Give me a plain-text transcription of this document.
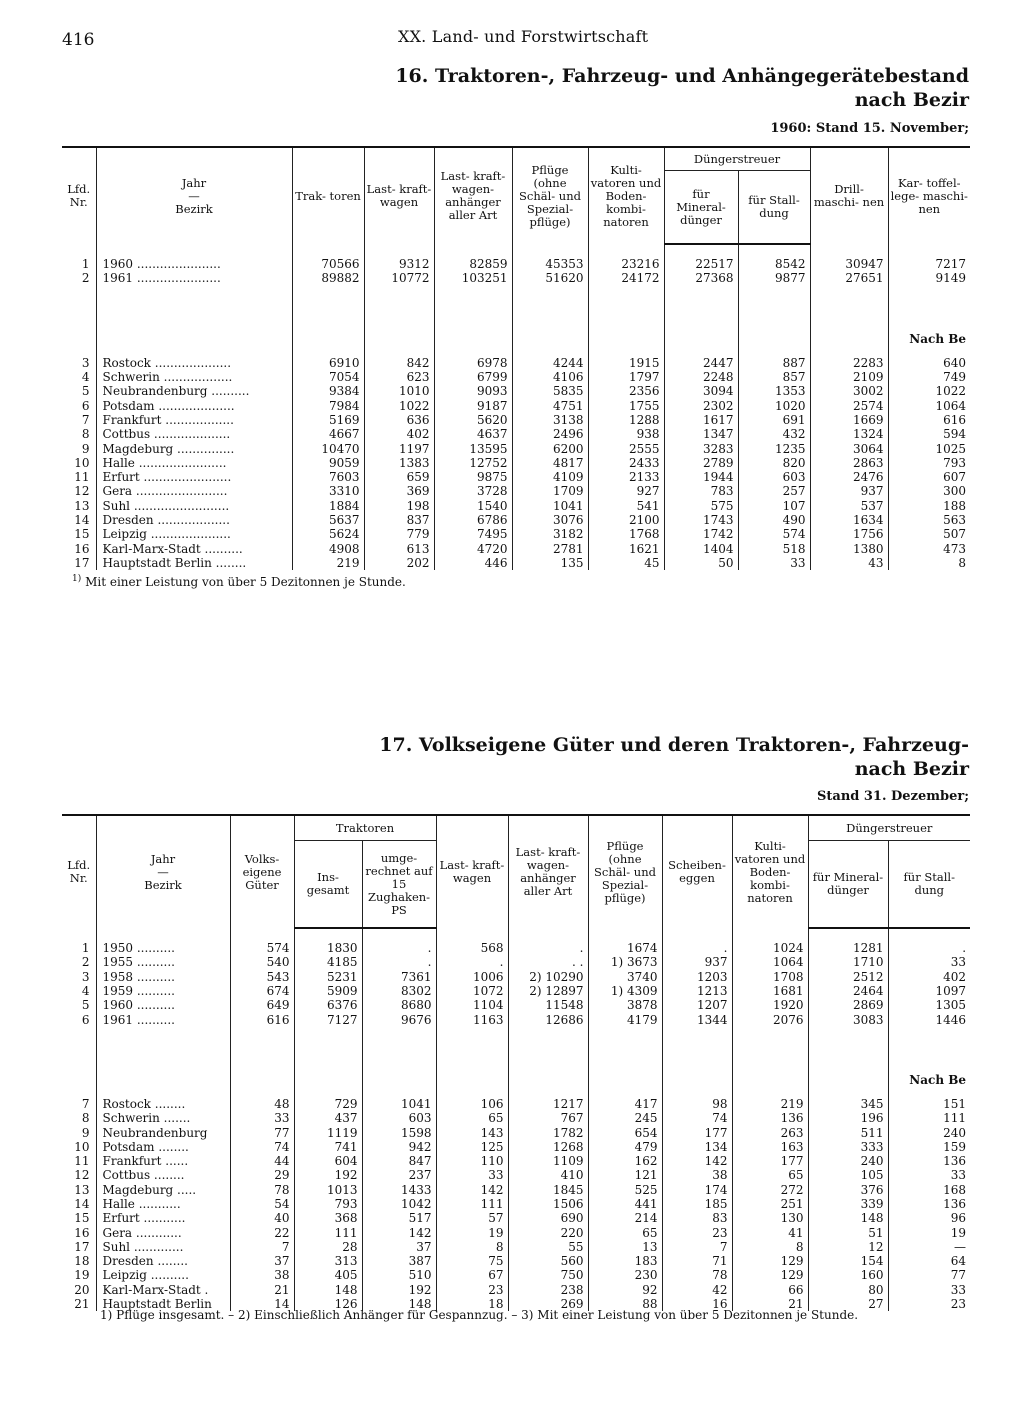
416	XX. Land- und Forstwirtschaft
16. Traktoren-, Fahrzeug- und Anhängegerätebestand
nach Bezir
1960: Stand 15. November;
Lfd. Nr.	Jahr
—
Bezirk	Trak- toren	Last- kraft- wagen	Last- kraft- wagen- anhänger aller Art	Pflüge (ohne Schäl- und Spezial- pflüge)	Kulti- vatoren und Boden- kombi- natoren	Düngerstreuer		Drill- maschi- nen	Kar- toffel- lege- maschi- nen
							für Mineral- dünger	für Stall- dung		

1	1960 ......................	70566	9312	82859	45353	23216	22517	8542	30947	7217
2	1961 ......................	89882	10772	103251	51620	24172	27368	9877	27651	9149
										Nach Be
3	Rostock ....................	6910	842	6978	4244	1915	2447	887	2283	640
4	Schwerin ..................	7054	623	6799	4106	1797	2248	857	2109	749
5	Neubrandenburg ..........	9384	1010	9093	5835	2356	3094	1353	3002	1022
6	Potsdam ....................	7984	1022	9187	4751	1755	2302	1020	2574	1064
7	Frankfurt ..................	5169	636	5620	3138	1288	1617	691	1669	616
8	Cottbus ....................	4667	402	4637	2496	938	1347	432	1324	594
9	Magdeburg ...............	10470	1197	13595	6200	2555	3283	1235	3064	1025
10	Halle .......................	9059	1383	12752	4817	2433	2789	820	2863	793
11	Erfurt .......................	7603	659	9875	4109	2133	1944	603	2476	607
12	Gera ........................	3310	369	3728	1709	927	783	257	937	300
13	Suhl .........................	1884	198	1540	1041	541	575	107	537	188
14	Dresden ...................	5637	837	6786	3076	2100	1743	490	1634	563
15	Leipzig .....................	5624	779	7495	3182	1768	1742	574	1756	507
16	Karl-Marx-Stadt ..........	4908	613	4720	2781	1621	1404	518	1380	473
17	Hauptstadt Berlin ........	219	202	446	135	45	50	33	43	8
$^{1)}$ Mit einer Leistung von über 5 Dezitonnen je Stunde.
17. Volkseigene Güter und deren Traktoren-, Fahrzeug-
nach Bezir
Stand 31. Dezember;
Lfd. Nr.	Jahr
—
Bezirk	Volks- eigene Güter	Traktoren		Last- kraft- wagen	Last- kraft- wagen- anhänger aller Art	Pflüge (ohne Schäl- und Spezial- pflüge)	Scheiben- eggen	Kulti- vatoren und Boden- kombi- natoren	Düngerstreuer	
			Ins- gesamt	umge- rechnet auf 15 Zughaken- PS						für Mineral- dünger	für Stall- dung

1	1950 ..........	574	1830	.	568	.	1674	.	1024	1281	.
2	1955 ..........	540	4185	.	.	. .	1) 3673	937	1064	1710	33
3	1958 ..........	543	5231	7361	1006	2) 10290	3740	1203	1708	2512	402
4	1959 ..........	674	5909	8302	1072	2) 12897	1) 4309	1213	1681	2464	1097
5	1960 ..........	649	6376	8680	1104	11548	3878	1207	1920	2869	1305
6	1961 ..........	616	7127	9676	1163	12686	4179	1344	2076	3083	1446
											Nach Be
7	Rostock ........	48	729	1041	106	1217	417	98	219	345	151
8	Schwerin .......	33	437	603	65	767	245	74	136	196	111
9	Neubrandenburg	77	1119	1598	143	1782	654	177	263	511	240
10	Potsdam ........	74	741	942	125	1268	479	134	163	333	159
11	Frankfurt ......	44	604	847	110	1109	162	142	177	240	136
12	Cottbus ........	29	192	237	33	410	121	38	65	105	33
13	Magdeburg .....	78	1013	1433	142	1845	525	174	272	376	168
14	Halle ...........	54	793	1042	111	1506	441	185	251	339	136
15	Erfurt ...........	40	368	517	57	690	214	83	130	148	96
16	Gera ............	22	111	142	19	220	65	23	41	51	19
17	Suhl .............	7	28	37	8	55	13	7	8	12	—
18	Dresden ........	37	313	387	75	560	183	71	129	154	64
19	Leipzig ..........	38	405	510	67	750	230	78	129	160	77
20	Karl-Marx-Stadt .	21	148	192	23	238	92	42	66	80	33
21	Hauptstadt Berlin	14	126	148	18	269	88	16	21	27	23
1) Pflüge insgesamt. – 2) Einschließlich Anhänger für Gespannzug. – 3) Mit einer Leistung von über 5 Dezitonnen je Stunde.
